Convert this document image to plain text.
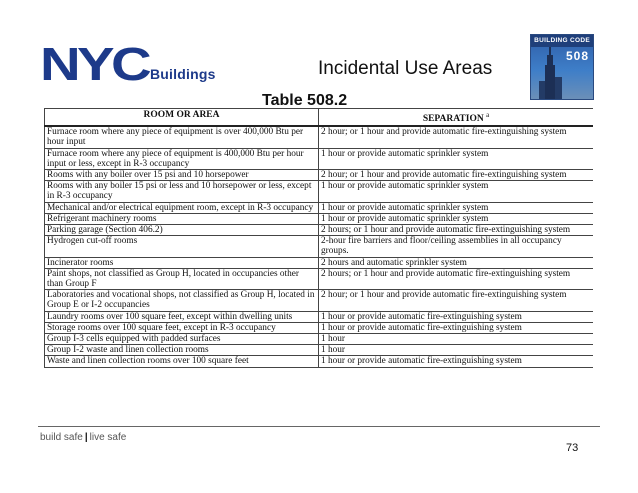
NYC Buildings	Incidental Use Areas
BUILDING CODE
508
Table 508.2
ROOM OR AREA	SEPARATION $^a$
Furnace room where any piece of equipment is over 400,000 Btu per hour input	2 hour; or 1 hour and provide automatic fire-extinguishing system
Furnace room where any piece of equipment is 400,000 Btu per hour input or less, except in R-3 occupancy	1 hour or provide automatic sprinkler system
Rooms with any boiler over 15 psi and 10 horsepower	2 hour; or 1 hour and provide automatic fire-extinguishing system
Rooms with any boiler 15 psi or less and 10 horsepower or less, except in R-3 occupancy	1 hour or provide automatic sprinkler system
Mechanical and/or electrical equipment room, except in R-3 occupancy	1 hour or provide automatic sprinkler system
Refrigerant machinery rooms	1 hour or provide automatic sprinkler system
Parking garage (Section 406.2)	2 hours; or 1 hour and provide automatic fire-extinguishing system
Hydrogen cut-off rooms	2-hour fire barriers and floor/ceiling assemblies in all occupancy groups.
Incinerator rooms	2 hours and automatic sprinkler system
Paint shops, not classified as Group H, located in occupancies other than Group F	2 hours; or 1 hour and provide automatic fire-extinguishing system
Laboratories and vocational shops, not classified as Group H, located in Group E or I-2 occupancies	2 hour; or 1 hour and provide automatic fire-extinguishing system
Laundry rooms over 100 square feet, except within dwelling units	1 hour or provide automatic fire-extinguishing system
Storage rooms over 100 square feet, except in R-3 occupancy	1 hour or provide automatic fire-extinguishing system
Group I-3 cells equipped with padded surfaces	1 hour
Group I-2 waste and linen collection rooms	1 hour
Waste and linen collection rooms over 100 square feet	1 hour or provide automatic fire-extinguishing system
build safe | live safe
73
